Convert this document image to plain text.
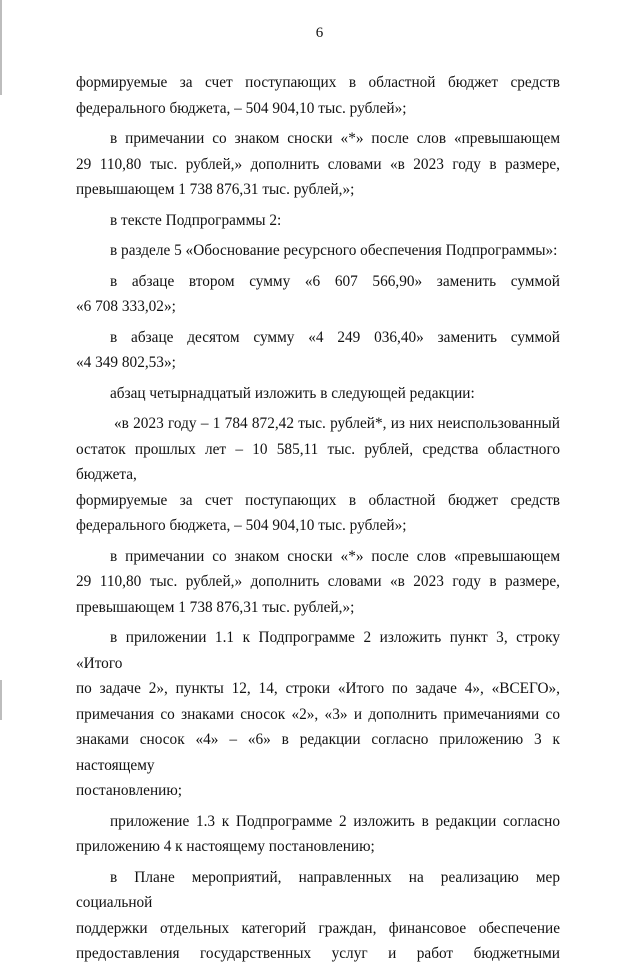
6
формируемые за счет поступающих в областной бюджет средств
федерального бюджета, – 504 904,10 тыс. рублей»;
в примечании со знаком сноски «*» после слов «превышающем
29 110,80 тыс. рублей,» дополнить словами «в 2023 году в размере,
превышающем 1 738 876,31 тыс. рублей,»;
в тексте Подпрограммы 2:
в разделе 5 «Обоснование ресурсного обеспечения Подпрограммы»:
в абзаце втором сумму «6 607 566,90» заменить суммой
«6 708 333,02»;
в абзаце десятом сумму «4 249 036,40» заменить суммой
«4 349 802,53»;
абзац четырнадцатый изложить в следующей редакции:
«в 2023 году – 1 784 872,42 тыс. рублей*, из них неиспользованный
остаток прошлых лет – 10 585,11 тыс. рублей, средства областного бюджета,
формируемые за счет поступающих в областной бюджет средств
федерального бюджета, – 504 904,10 тыс. рублей»;
в примечании со знаком сноски «*» после слов «превышающем
29 110,80 тыс. рублей,» дополнить словами «в 2023 году в размере,
превышающем 1 738 876,31 тыс. рублей,»;
в приложении 1.1 к Подпрограмме 2 изложить пункт 3, строку «Итого
по задаче 2», пункты 12, 14, строки «Итого по задаче 4», «ВСЕГО»,
примечания со знаками сносок «2», «3» и дополнить примечаниями со
знаками сносок «4» – «6» в редакции согласно приложению 3 к настоящему
постановлению;
приложение 1.3 к Подпрограмме 2 изложить в редакции согласно
приложению 4 к настоящему постановлению;
в Плане мероприятий, направленных на реализацию мер социальной
поддержки отдельных категорий граждан, финансовое обеспечение
предоставления государственных услуг и работ бюджетными
